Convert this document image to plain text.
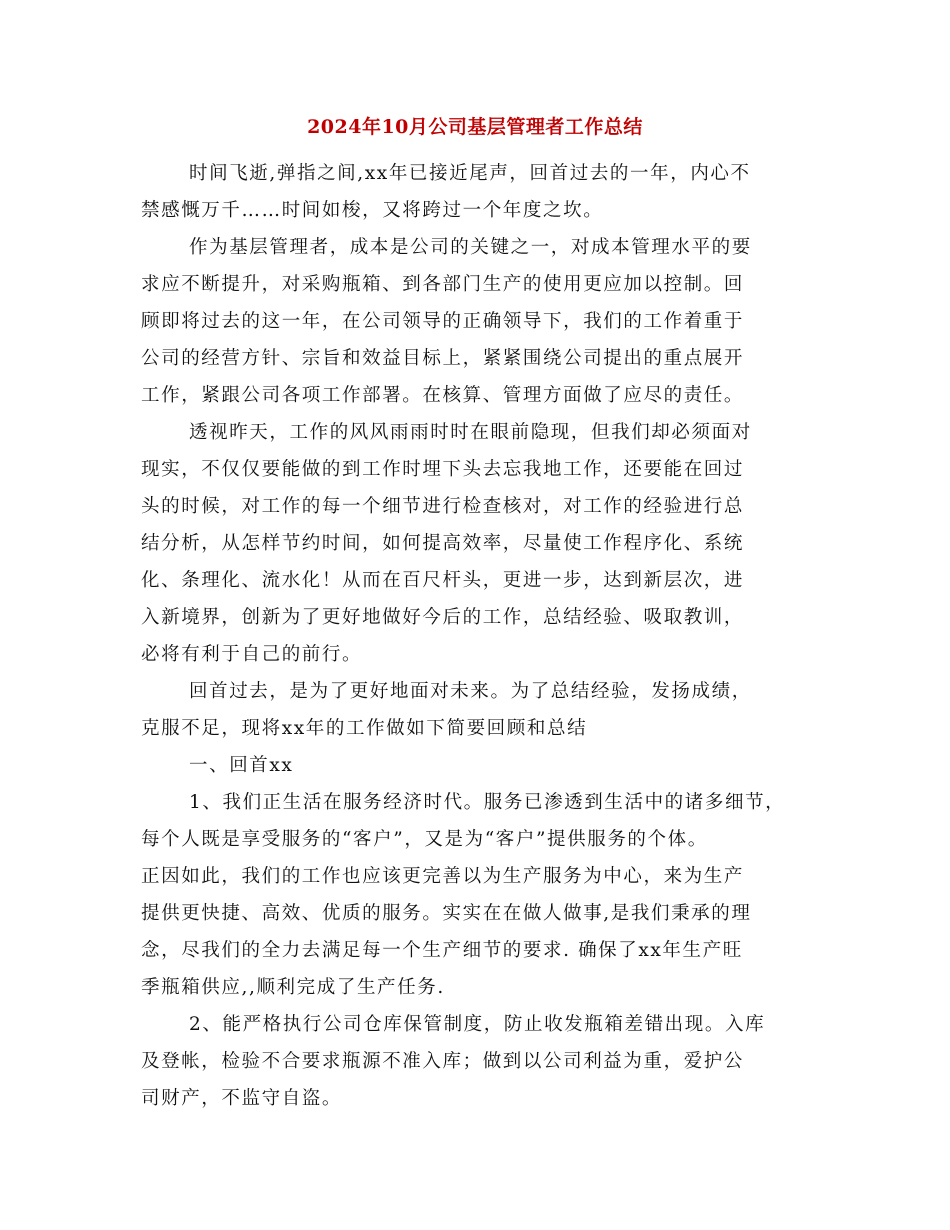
2024年10月公司基层管理者工作总结

时间飞逝,弹指之间,xx年已接近尾声，回首过去的一年，内心不

禁感慨万千……时间如梭，又将跨过一个年度之坎。

作为基层管理者，成本是公司的关键之一，对成本管理水平的要

求应不断提升，对采购瓶箱、到各部门生产的使用更应加以控制。回

顾即将过去的这一年，在公司领导的正确领导下，我们的工作着重于

公司的经营方针、宗旨和效益目标上，紧紧围绕公司提出的重点展开

工作，紧跟公司各项工作部署。在核算、管理方面做了应尽的责任。

透视昨天，工作的风风雨雨时时在眼前隐现，但我们却必须面对

现实，不仅仅要能做的到工作时埋下头去忘我地工作，还要能在回过

头的时候，对工作的每一个细节进行检查核对，对工作的经验进行总

结分析，从怎样节约时间，如何提高效率，尽量使工作程序化、系统

化、条理化、流水化！从而在百尺杆头，更进一步，达到新层次，进

入新境界，创新为了更好地做好今后的工作，总结经验、吸取教训，

必将有利于自己的前行。

回首过去，是为了更好地面对未来。为了总结经验，发扬成绩，

克服不足，现将xx年的工作做如下简要回顾和总结

一、回首xx

1、我们正生活在服务经济时代。服务已渗透到生活中的诸多细节，

每个人既是享受服务的“客户”，又是为“客户”提供服务的个体。

正因如此，我们的工作也应该更完善以为生产服务为中心，来为生产

提供更快捷、高效、优质的服务。实实在在做人做事,是我们秉承的理

念，尽我们的全力去满足每一个生产细节的要求. 确保了xx年生产旺

季瓶箱供应,,顺利完成了生产任务.

2、能严格执行公司仓库保管制度，防止收发瓶箱差错出现。入库

及登帐，检验不合要求瓶源不准入库；做到以公司利益为重，爱护公

司财产，不监守自盗。
